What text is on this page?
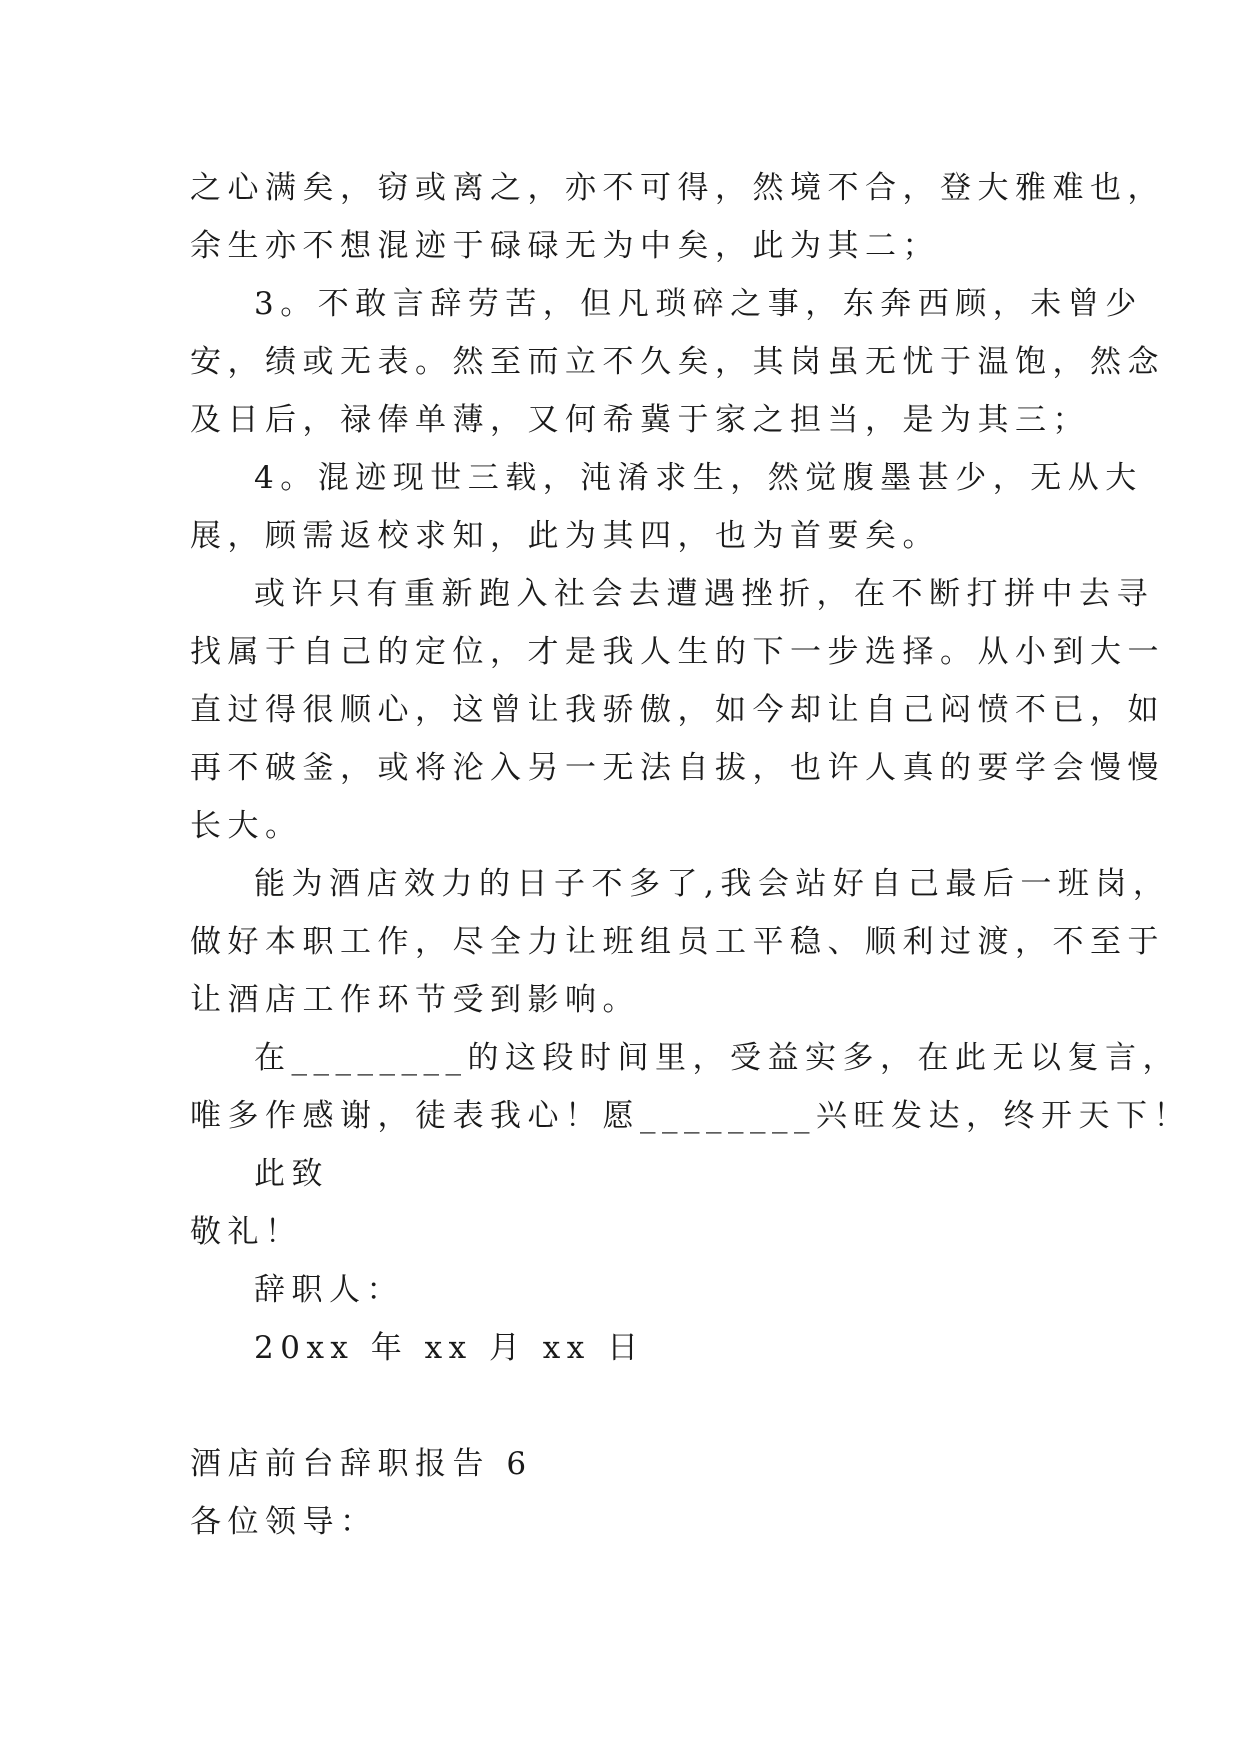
之心满矣，窃或离之，亦不可得，然境不合，登大雅难也，
余生亦不想混迹于碌碌无为中矣，此为其二；
3。不敢言辞劳苦，但凡琐碎之事，东奔西顾，未曾少
安，绩或无表。然至而立不久矣，其岗虽无忧于温饱，然念
及日后，禄俸单薄，又何希冀于家之担当，是为其三；
4。混迹现世三载，沌淆求生，然觉腹墨甚少，无从大
展，顾需返校求知，此为其四，也为首要矣。
或许只有重新跑入社会去遭遇挫折，在不断打拼中去寻
找属于自己的定位，才是我人生的下一步选择。从小到大一
直过得很顺心，这曾让我骄傲，如今却让自己闷愤不已，如
再不破釜，或将沦入另一无法自拔，也许人真的要学会慢慢
长大。
能为酒店效力的日子不多了,我会站好自己最后一班岗，
做好本职工作，尽全力让班组员工平稳、顺利过渡，不至于
让酒店工作环节受到影响。
在________的这段时间里，受益实多，在此无以复言，
唯多作感谢，徒表我心！愿________兴旺发达，终开天下！
此致
敬礼！
辞职人：
20xx 年 xx 月 xx 日
酒店前台辞职报告 6
各位领导：
